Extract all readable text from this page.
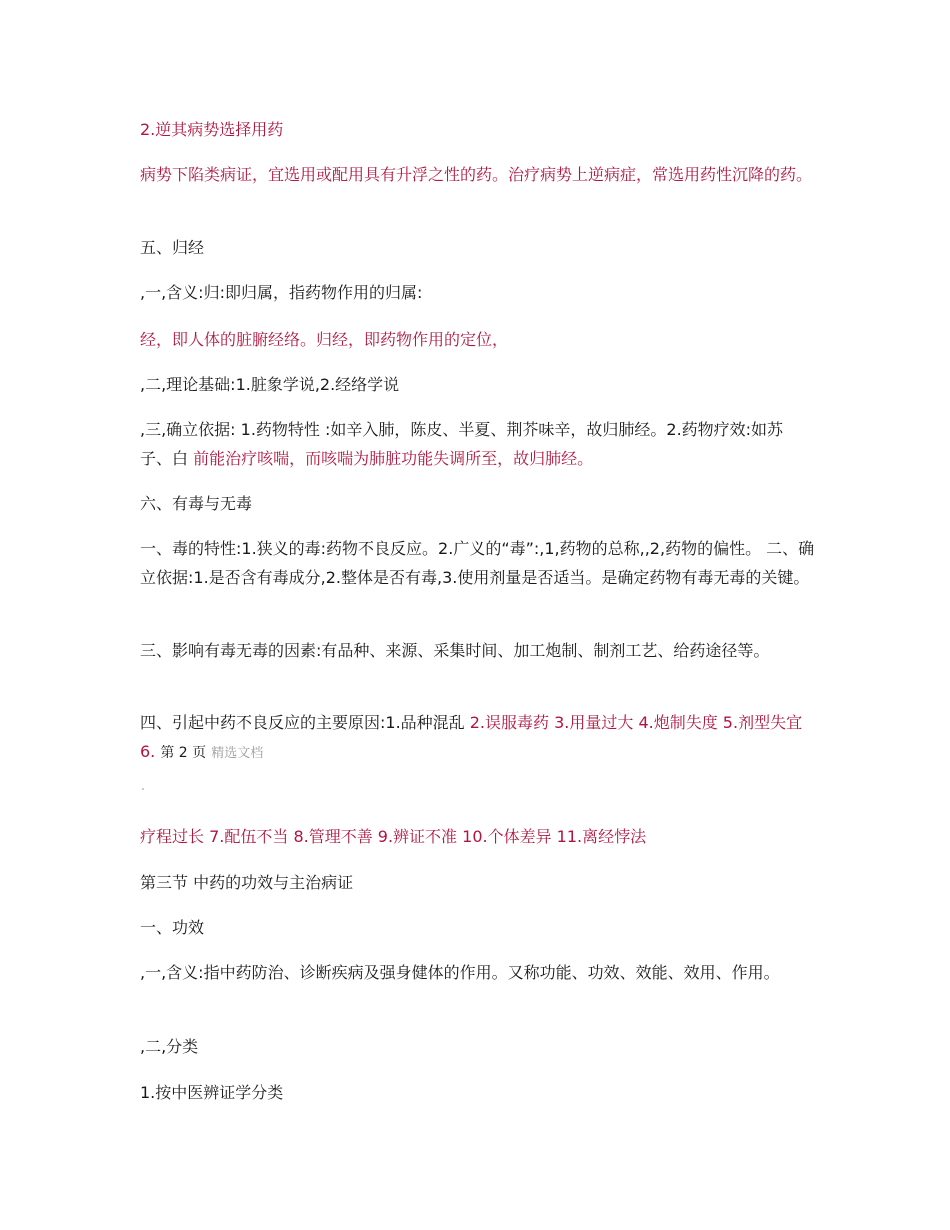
2.逆其病势选择用药

病势下陷类病证，宜选用或配用具有升浮之性的药。治疗病势上逆病症，常选用药性沉降的药。

五、归经

,一,含义:归:即归属，指药物作用的归属:

经，即人体的脏腑经络。归经，即药物作用的定位，

,二,理论基础:1.脏象学说,2.经络学说

,三,确立依据: 1.药物特性 :如辛入肺，陈皮、半夏、荆芥味辛，故归肺经。2.药物疗效:如苏子、白 前能治疗咳喘，而咳喘为肺脏功能失调所至，故归肺经。

六、有毒与无毒

一、毒的特性:1.狭义的毒:药物不良反应。2.广义的“毒”:,1,药物的总称,,2,药物的偏性。 二、确立依据:1.是否含有毒成分,2.整体是否有毒,3.使用剂量是否适当。是确定药物有毒无毒的关键。

三、影响有毒无毒的因素:有品种、来源、采集时间、加工炮制、制剂工艺、给药途径等。

四、引起中药不良反应的主要原因:1.品种混乱 2.误服毒药 3.用量过大 4.炮制失度 5.剂型失宜 6. 第 2 页 精选文档

疗程过长 7.配伍不当 8.管理不善 9.辨证不准 10.个体差异 11.离经悖法

第三节 中药的功效与主治病证

一、功效

,一,含义:指中药防治、诊断疾病及强身健体的作用。又称功能、功效、效能、效用、作用。

,二,分类

1.按中医辨证学分类
